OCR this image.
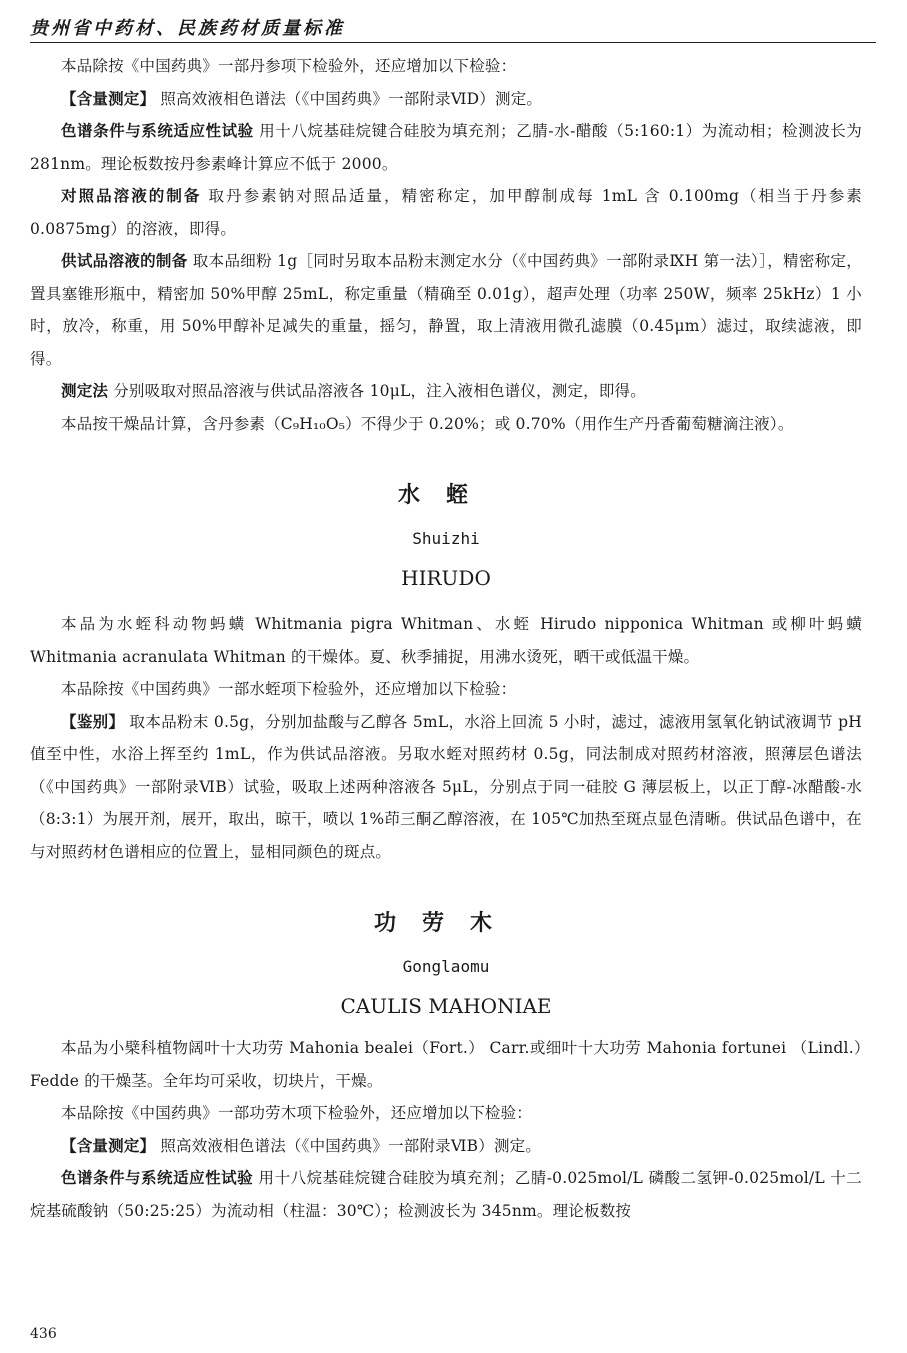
贵州省中药材、民族药材质量标准

本品除按《中国药典》一部丹参项下检验外，还应增加以下检验：

【含量测定】 照高效液相色谱法（《中国药典》一部附录ⅥD）测定。

色谱条件与系统适应性试验 用十八烷基硅烷键合硅胶为填充剂；乙腈-水-醋酸（5:160:1）为流动相；检测波长为 281nm。理论板数按丹参素峰计算应不低于 2000。

对照品溶液的制备 取丹参素钠对照品适量，精密称定，加甲醇制成每 1mL 含 0.100mg（相当于丹参素 0.0875mg）的溶液，即得。

供试品溶液的制备 取本品细粉 1g［同时另取本品粉末测定水分（《中国药典》一部附录ⅨH 第一法）］，精密称定，置具塞锥形瓶中，精密加 50%甲醇 25mL，称定重量（精确至 0.01g），超声处理（功率 250W，频率 25kHz）1 小时，放冷，称重，用 50%甲醇补足减失的重量，摇匀，静置，取上清液用微孔滤膜（0.45μm）滤过，取续滤液，即得。

测定法 分别吸取对照品溶液与供试品溶液各 10μL，注入液相色谱仪，测定，即得。

本品按干燥品计算，含丹参素（C₉H₁₀O₅）不得少于 0.20%；或 0.70%（用作生产丹香葡萄糖滴注液）。

水蛭

Shuizhi

HIRUDO

本品为水蛭科动物蚂蟥 Whitmania pigra Whitman、水蛭 Hirudo nipponica Whitman 或柳叶蚂蟥 Whitmania acranulata Whitman 的干燥体。夏、秋季捕捉，用沸水烫死，晒干或低温干燥。

本品除按《中国药典》一部水蛭项下检验外，还应增加以下检验：

【鉴别】 取本品粉末 0.5g，分别加盐酸与乙醇各 5mL，水浴上回流 5 小时，滤过，滤液用氢氧化钠试液调节 pH 值至中性，水浴上挥至约 1mL，作为供试品溶液。另取水蛭对照药材 0.5g，同法制成对照药材溶液，照薄层色谱法（《中国药典》一部附录ⅥB）试验，吸取上述两种溶液各 5μL，分别点于同一硅胶 G 薄层板上，以正丁醇-冰醋酸-水（8:3:1）为展开剂，展开，取出，晾干，喷以 1%茚三酮乙醇溶液，在 105℃加热至斑点显色清晰。供试品色谱中，在与对照药材色谱相应的位置上，显相同颜色的斑点。

功劳木

Gonglaomu

CAULIS MAHONIAE

本品为小檗科植物阔叶十大功劳 Mahonia bealei（Fort.） Carr.或细叶十大功劳 Mahonia fortunei （Lindl.）Fedde 的干燥茎。全年均可采收，切块片，干燥。

本品除按《中国药典》一部功劳木项下检验外，还应增加以下检验：

【含量测定】 照高效液相色谱法（《中国药典》一部附录ⅥB）测定。

色谱条件与系统适应性试验 用十八烷基硅烷键合硅胶为填充剂；乙腈-0.025mol/L 磷酸二氢钾-0.025mol/L 十二烷基硫酸钠（50:25:25）为流动相（柱温：30℃）；检测波长为 345nm。理论板数按

436
